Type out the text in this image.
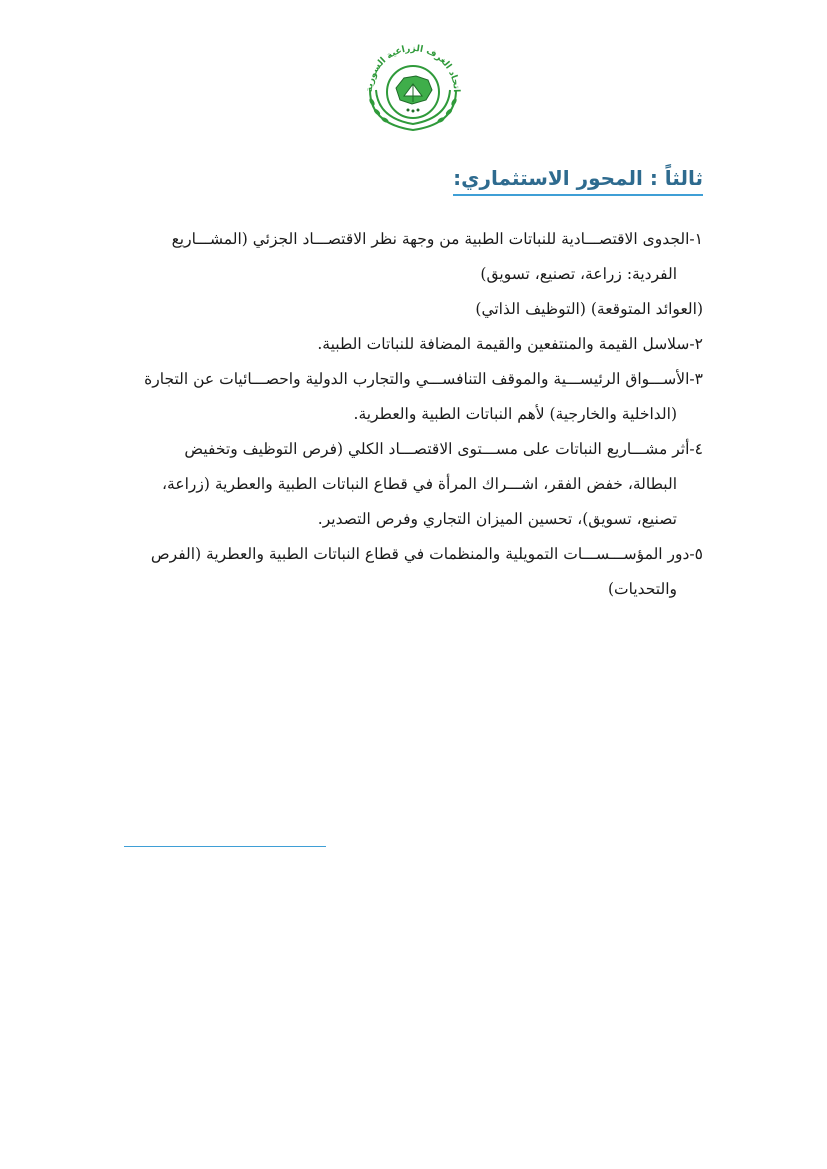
اتحاد الغرف الزراعية السورية
ثالثاً : المحور الاستثماري:

١-الجدوى الاقتصـــادية للنباتات الطبية من وجهة نظر الاقتصـــاد الجزئي (المشـــاريع
الفردية: زراعة، تصنيع، تسويق)

(العوائد المتوقعة) (التوظيف الذاتي)

٢-سلاسل القيمة والمنتفعين والقيمة المضافة للنباتات الطبية.

٣-الأســـواق الرئيســـية والموقف التنافســـي والتجارب الدولية واحصـــائيات عن التجارة
(الداخلية والخارجية) لأهم النباتات الطبية والعطرية.

٤-أثر مشـــاريع النباتات على مســـتوى الاقتصـــاد الكلي (فرص التوظيف وتخفيض
البطالة، خفض الفقر، اشـــراك المرأة في قطاع النباتات الطبية والعطرية (زراعة،
تصنيع، تسويق)، تحسين الميزان التجاري وفرص التصدير.

٥-دور المؤســـســـات التمويلية والمنظمات في قطاع النباتات الطبية والعطرية (الفرص
والتحديات)
